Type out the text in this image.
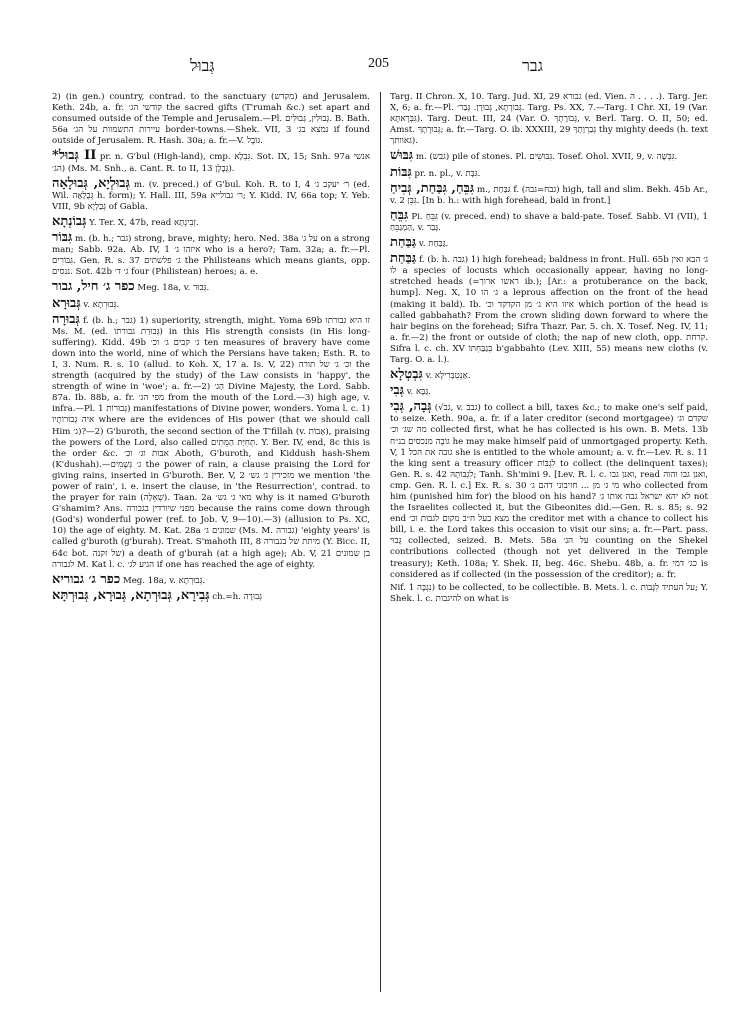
גְּבוּל	205	גבר

2) (in gen.) country, contrad. to the sanctuary (מקדש) and Jerusalem. Keth. 24b, a. fr. קודשי הג׳ the sacred gifts (T'rumah &c.) set apart and consumed outside of the Temple and Jerusalem.—Pl. גְּבוּלִין, גְּבוּלִים. B. Bath. 56a עיירות התשמוות על הג׳ border-towns.—Shek. VII, 3 נמצא בג׳ if found outside of Jerusalem. R. Hash. 30a; a. fr.—V. גּוֹבֶל.

*גְּבוּל II pr. n. G'bul (High-land), cmp. גִּבְלָא. Sot. IX, 15; Snh. 97a אנשי הג׳) (Ms. M. Snh., a. Cant. R. to II, 13 גְּבָלָן).

גְּבוּלְיָא, גְּבוּלָאָה m. (v. preced.) of G'bul. Koh. R. to I, 4 ר׳ יעקב ג׳ (ed. Wil. גְּבֻלָאָה h. form); Y. Hall. III, 59a ר׳ גבולייא; Y. Kidd. IV, 66a top; Y. Yeb. VIII, 9b גְּבַלְיָא of Gabla.

גְּבוֹנְתָא Y. Ter. X, 47b, read זְבִינְתָא.

גִּבּוֹר m. (b. h.; גבר) strong, brave, mighty; hero. Ned. 38a על ג׳ on a strong man; Sabb. 92a. Ab. IV, 1 איזהו ג׳ who is a hero?; Tam. 32a; a. fr.—Pl. גִּבּוֹרִים. Gen. R. s. 37 ג׳ פלשתים the Philisteans which means giants, opp. ננסים. Sot. 42b ג׳ ד׳ four (Philistean) heroes; a. e.

כפר ג׳ חיל, גבור Meg. 18a, v. גְּבוּר.

גְּבוּרָא v. גְּבוּרְתָא.

גְּבוּרָה f. (b. h.; גבר) 1) superiority, strength, might. Yoma 69b זו היא גבורתו Ms. M. (ed. גְּבוּרַת גבורתו) in this His strength consists (in His long-suffering). Kidd. 49b ג׳ קבים ג׳ וכ׳ ten measures of bravery have come down into the world, nine of which the Persians have taken; Esth. R. to I, 3. Num. R. s. 10 (allud. to Koh. X, 17 a. Is. V, 22) וכ׳ ג׳ של תורה the strength (acquired by the study) of the Law consists in 'happy', the strength of wine in 'woe'; a. fr.—2) הַג׳ Divine Majesty, the Lord. Sabb. 87a. Ib. 88b, a. fr. מפי הג׳ from the mouth of the Lord.—3) high age, v. infra.—Pl. גְּבוּרוֹת 1) manifestations of Divine power, wonders. Yoma l. c. 1) איה גְבוּרוֹתָיו where are the evidences of His power (that we should call Him ג׳)?—2) G'buroth, the second section of the T'fillah (v. אָבוֹת), praising the powers of the Lord, also called תְּחִיַּת הַמֵּתִים. Y. Ber. IV, end, 8c this is the order &c. אבות וג׳ וכ׳ Aboth, G'buroth, and Kiddush hash-Shem (K'dushah).—ג׳ גְּשָׁמִים the power of rain, a clause praising the Lord for giving rains, inserted in G'buroth. Ber. V, 2 מזכירין ג׳ גש׳ we mention 'the power of rain', i. e. insert the clause, in 'the Resurrection', contrad. to the prayer for rain (שְׁאֵלָה). Taan. 2a מאי ג׳ גש׳ why is it named G'buroth G'shamim? Ans. מפני שיורדין בגבורה because the rains come down through (God's) wonderful power (ref. to Job. V, 9—10).—3) (allusion to Ps. XC, 10) the age of eighty. M. Kat. 28a שמונים ג׳ (Ms. M. גבורה) 'eighty years' is called g'buroth (g'burah). Treat. S'mahoth III, 8 מיתת של בגבורה (Y. Bicc. II, 64c bot. של זקנה) a death of g'burah (at a high age); Ab. V, 21 בן שמונים לגבורה M. Kat l. c. הגיע לג׳ if one has reached the age of eighty.

כפר ג׳ גבוריא Meg. 18a, v. גְּבוּרְתָא.

גְּבִירָא, גְּבוּרְתָא, גְּבוּרָא, גְּבוּרְתָּא ch.=h. גְּבוּרָה

Targ. II Chron. X, 10. Targ. Jud. XI, 29 גבורא (ed. Vien. ה . . . .). Targ. Jer. X, 6; a. fr.—Pl. גְּבוּרָתָא, גְּבוּרָן. גְּבַר׳. Targ. Ps. XX, 7.—Targ. I Chr. XI, 19 (Var. גִּבְּרָאתָא). Targ. Deut. III, 24 (Var. O. גְּבוּרָתָךְ, v. Berl. Targ. O. II, 50; ed. Amst. גְּבוּרָתָךְ; a. fr.—Targ. O. ib. XXXIII, 29 גְּבַרְוָתָךְ thy mighty deeds (h. text גאוותך).

גִּבּוּשׁ m. (גבש) pile of stones. Pl. גִּבּוּשִׁים. Tosef. Ohol. XVII, 9, v. גִּבְּשָׁה.

גִּבּוֹת pr. n. pl., v. גִּבָּת.

גִּבֵּחַ, גִּבַּחַת, גְּבִיחַ m., גִּבַּחַת f. (גבח=גבה) high, tall and slim. Bekh. 45b Ar., v. גִּבֵּן 2. [In b. h.: with high forehead, bald in front.]

גִּבֵּחַ Pi. גִּבֵּחַ (v. preced. end) to shave a bald-pate. Tosef. Sabb. VI (VII), 1 הַמְגַבֵּחַ, v. גָּבַר.

גַּבַּחַת v. גַּבַּחַת.

גַּבַּחַת f. (b. h. גבה) 1) high forehead; baldness in front. Hull. 65b ג׳ הבא ואין לו a species of locusts which occasionally appear, having no long-stretched heads (=ראשו ארוך ib.); [Ar.: a protuberance on the back, hump]. Neg. X, 10 ג׳ הו a leprous affection on the front of the head (making it bald). Ib. איזו היא ג׳ מן הקדקד וכ׳ which portion of the head is called gabbahath? From the crown sliding down forward to where the hair begins on the forehead; Sifra Thazr. Par. 5. ch. X. Tosef. Neg. IV, 11; a. fr.—2) the front or outside of cloth; the nap of new cloth, opp. קרחת. Sifra l. c. ch. XV בְּגַבַּחְתּוֹ b'gabbahto (Lev. XIII, 55) means new cloths (v. Targ. O. a. l.).

גִּבְטְלָא v. אַנְטִבְּרִילָא.

גְּבִי v. גַּבָּא.

גְּבָה, גְּבִי (√גב, v. גבב) to collect a bill, taxes &c.; to make one's self paid, to seize. Keth. 90a, a. fr. if a later creditor (second mortgagee) שקדם וג׳ מה שג׳ וכ׳ collected first, what he has collected is his own. B. Mets. 13b גוֹבֶה מנכסים בנ״ח he may make himself paid of unmortgaged property. Keth. V, 1 גובה את הכל she is entitled to the whole amount; a. v. fr.—Lev. R. s. 11 the king sent a treasury officer לִגְבּוֹת to collect (the delinquent taxes); Gen. R. s. 42 לִגְבּוֹתָהּ; Tanh. Sh'mini 9. [Lev. R. l. c. ואנן גבו, read ואנן גבו והוה, cmp. Gen. R. l. c.] Ex. R. s. 30 מי ג׳ מן ... חזיבוני דהם ג׳ who collected from him (punished him for) the blood on his hand? לא יהא ישראל גבה אותו ג׳ not the Israelites collected it, but the Gibeonites did.—Gen. R. s. 85; s. 92 end מצא בעל ח״ב מקום לגבות וכ׳ the creditor met with a chance to collect his bill, i. e. the Lord takes this occasion to visit our sins; a. fr.—Part. pass. גָּבוּי collected, seized. B. Mets. 58a על הג׳ counting on the Shekel contributions collected (though not yet delivered in the Temple treasury); Keth. 108a; Y. Shek. II, beg. 46c. Shebu. 48b, a. fr. כג׳ דמי is considered as if collected (in the possession of the creditor); a. fr.

Nif. נִגְבָּה 1) to be collected, to be collectible. B. Mets. l. c. על העתיד לִגָּבוֹת; Y. Shek. l. c. להיגבות on what is
